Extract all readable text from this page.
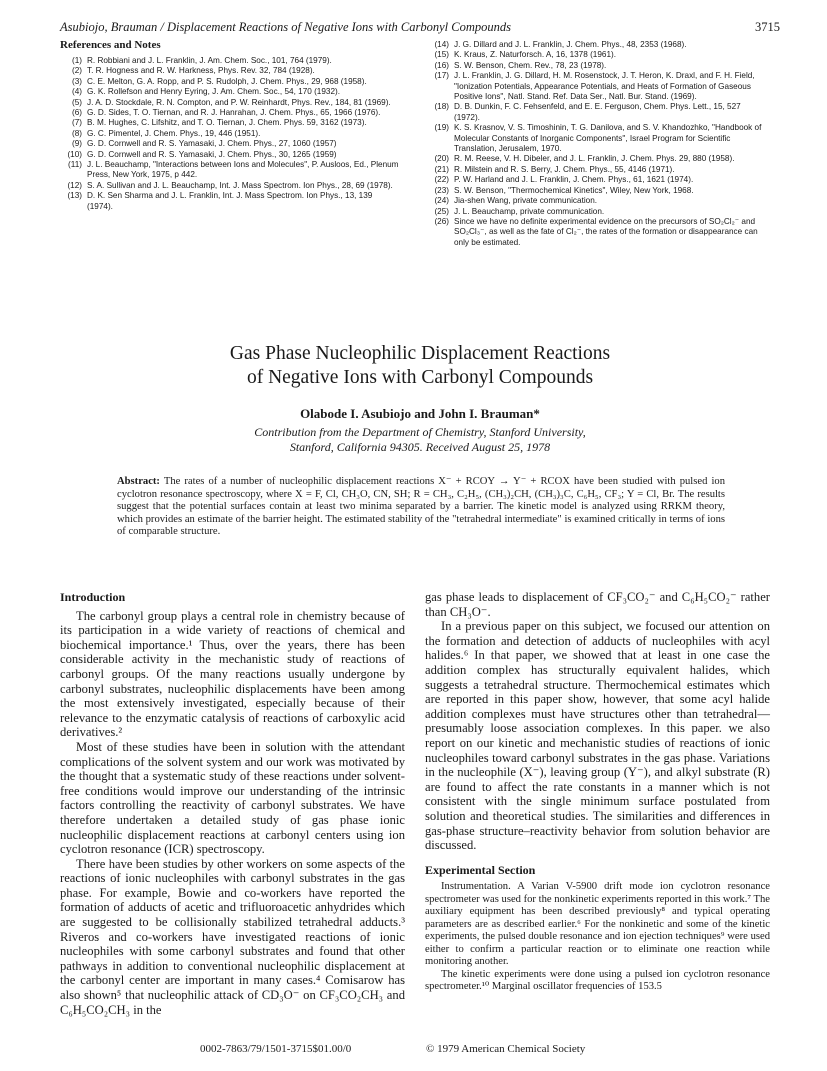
Asubiojo, Brauman / Displacement Reactions of Negative Ions with Carbonyl Compounds	3715
References and Notes
(1) R. Robbiani and J. L. Franklin, J. Am. Chem. Soc., 101, 764 (1979).
(2) T. R. Hogness and R. W. Harkness, Phys. Rev. 32, 784 (1928).
(3) C. E. Melton, G. A. Ropp, and P. S. Rudolph, J. Chem. Phys., 29, 968 (1958).
(4) G. K. Rollefson and Henry Eyring, J. Am. Chem. Soc., 54, 170 (1932).
(5) J. A. D. Stockdale, R. N. Compton, and P. W. Reinhardt, Phys. Rev., 184, 81 (1969).
(6) G. D. Sides, T. O. Tiernan, and R. J. Hanrahan, J. Chem. Phys., 65, 1966 (1976).
(7) B. M. Hughes, C. Lifshitz, and T. O. Tiernan, J. Chem. Phys. 59, 3162 (1973).
(8) G. C. Pimentel, J. Chem. Phys., 19, 446 (1951).
(9) G. D. Cornwell and R. S. Yamasaki, J. Chem. Phys., 27, 1060 (1957)
(10) G. D. Cornwell and R. S. Yamasaki, J. Chem. Phys., 30, 1265 (1959)
(11) J. L. Beauchamp, "Interactions between Ions and Molecules", P. Ausloos, Ed., Plenum Press, New York, 1975, p 442.
(12) S. A. Sullivan and J. L. Beauchamp, Int. J. Mass Spectrom. Ion Phys., 28, 69 (1978).
(13) D. K. Sen Sharma and J. L. Franklin, Int. J. Mass Spectrom. Ion Phys., 13, 139 (1974).
(14) J. G. Dillard and J. L. Franklin, J. Chem. Phys., 48, 2353 (1968).
(15) K. Kraus, Z. Naturforsch. A, 16, 1378 (1961).
(16) S. W. Benson, Chem. Rev., 78, 23 (1978).
(17) J. L. Franklin, J. G. Dillard, H. M. Rosenstock, J. T. Heron, K. Draxl, and F. H. Field, "Ionization Potentials, Appearance Potentials, and Heats of Formation of Gaseous Positive Ions", Natl. Stand. Ref. Data Ser., Natl. Bur. Stand. (1969).
(18) D. B. Dunkin, F. C. Fehsenfeld, and E. E. Ferguson, Chem. Phys. Lett., 15, 527 (1972).
(19) K. S. Krasnov, V. S. Timoshinin, T. G. Danilova, and S. V. Khandozhko, "Handbook of Molecular Constants of Inorganic Components", Israel Program for Scientific Translation, Jerusalem, 1970.
(20) R. M. Reese, V. H. Dibeler, and J. L. Franklin, J. Chem. Phys. 29, 880 (1958).
(21) R. Milstein and R. S. Berry, J. Chem. Phys., 55, 4146 (1971).
(22) P. W. Harland and J. L. Franklin, J. Chem. Phys., 61, 1621 (1974).
(23) S. W. Benson, "Thermochemical Kinetics", Wiley, New York, 1968.
(24) Jia-shen Wang, private communication.
(25) J. L. Beauchamp, private communication.
(26) Since we have no definite experimental evidence on the precursors of SO₂Cl₂⁻ and SO₂Cl₃⁻, as well as the fate of Cl₂⁻, the rates of the formation or disappearance can only be estimated.
Gas Phase Nucleophilic Displacement Reactions
of Negative Ions with Carbonyl Compounds
Olabode I. Asubiojo and John I. Brauman*
Contribution from the Department of Chemistry, Stanford University,
Stanford, California 94305. Received August 25, 1978
Abstract: The rates of a number of nucleophilic displacement reactions X⁻ + RCOY → Y⁻ + RCOX have been studied with pulsed ion cyclotron resonance spectroscopy, where X = F, Cl, CH₃O, CN, SH; R = CH₃, C₂H₅, (CH₃)₂CH, (CH₃)₃C, C₆H₅, CF₃; Y = Cl, Br. The results suggest that the potential surfaces contain at least two minima separated by a barrier. The kinetic model is analyzed using RRKM theory, which provides an estimate of the barrier height. The estimated stability of the "tetrahedral intermediate" is examined critically in terms of ions of comparable structure.
Introduction

The carbonyl group plays a central role in chemistry because of its participation in a wide variety of reactions of chemical and biochemical importance.¹ Thus, over the years, there has been considerable activity in the mechanistic study of reactions of carbonyl groups. Of the many reactions usually undergone by carbonyl substrates, nucleophilic displacements have been among the most extensively investigated, especially because of their relevance to the enzymatic catalysis of reactions of carboxylic acid derivatives.²

Most of these studies have been in solution with the attendant complications of the solvent system and our work was motivated by the thought that a systematic study of these reactions under solvent-free conditions would improve our understanding of the intrinsic factors controlling the reactivity of carbonyl substrates. We have therefore undertaken a detailed study of gas phase ionic nucleophilic displacement reactions at carbonyl centers using ion cyclotron resonance (ICR) spectroscopy.

There have been studies by other workers on some aspects of the reactions of ionic nucleophiles with carbonyl substrates in the gas phase. For example, Bowie and co-workers have reported the formation of adducts of acetic and trifluoroacetic anhydrides which are suggested to be collisionally stabilized tetrahedral adducts.³ Riveros and co-workers have investigated reactions of ionic nucleophiles with some carbonyl substrates and found that other pathways in addition to conventional nucleophilic displacement at the carbonyl center are important in many cases.⁴ Comisarow has also shown⁵ that nucleophilic attack of CD₃O⁻ on CF₃CO₂CH₃ and C₆H₅CO₂CH₃ in the

gas phase leads to displacement of CF₃CO₂⁻ and C₆H₅CO₂⁻ rather than CH₃O⁻.

In a previous paper on this subject, we focused our attention on the formation and detection of adducts of nucleophiles with acyl halides.⁶ In that paper, we showed that at least in one case the addition complex has structurally equivalent halides, which suggests a tetrahedral structure. Thermochemical estimates which are reported in this paper show, however, that some acyl halide addition complexes must have structures other than tetrahedral—presumably loose association complexes. In this paper. we also report on our kinetic and mechanistic studies of reactions of ionic nucleophiles toward carbonyl substrates in the gas phase. Variations in the nucleophile (X⁻), leaving group (Y⁻), and alkyl substrate (R) are found to affect the rate constants in a manner which is not consistent with the single minimum surface postulated from solution and theoretical studies. The similarities and differences in gas-phase structure–reactivity behavior from solution behavior are discussed.

Experimental Section

Instrumentation. A Varian V-5900 drift mode ion cyclotron resonance spectrometer was used for the nonkinetic experiments reported in this work.⁷ The auxiliary equipment has been described previously⁸ and typical operating parameters are as described earlier.⁶ For the nonkinetic and some of the kinetic experiments, the pulsed double resonance and ion ejection techniques⁹ were used either to confirm a particular reaction or to eliminate one reaction while monitoring another.

The kinetic experiments were done using a pulsed ion cyclotron resonance spectrometer.¹⁰ Marginal oscillator frequencies of 153.5

0002-7863/79/1501-3715$01.00/0	© 1979 American Chemical Society
